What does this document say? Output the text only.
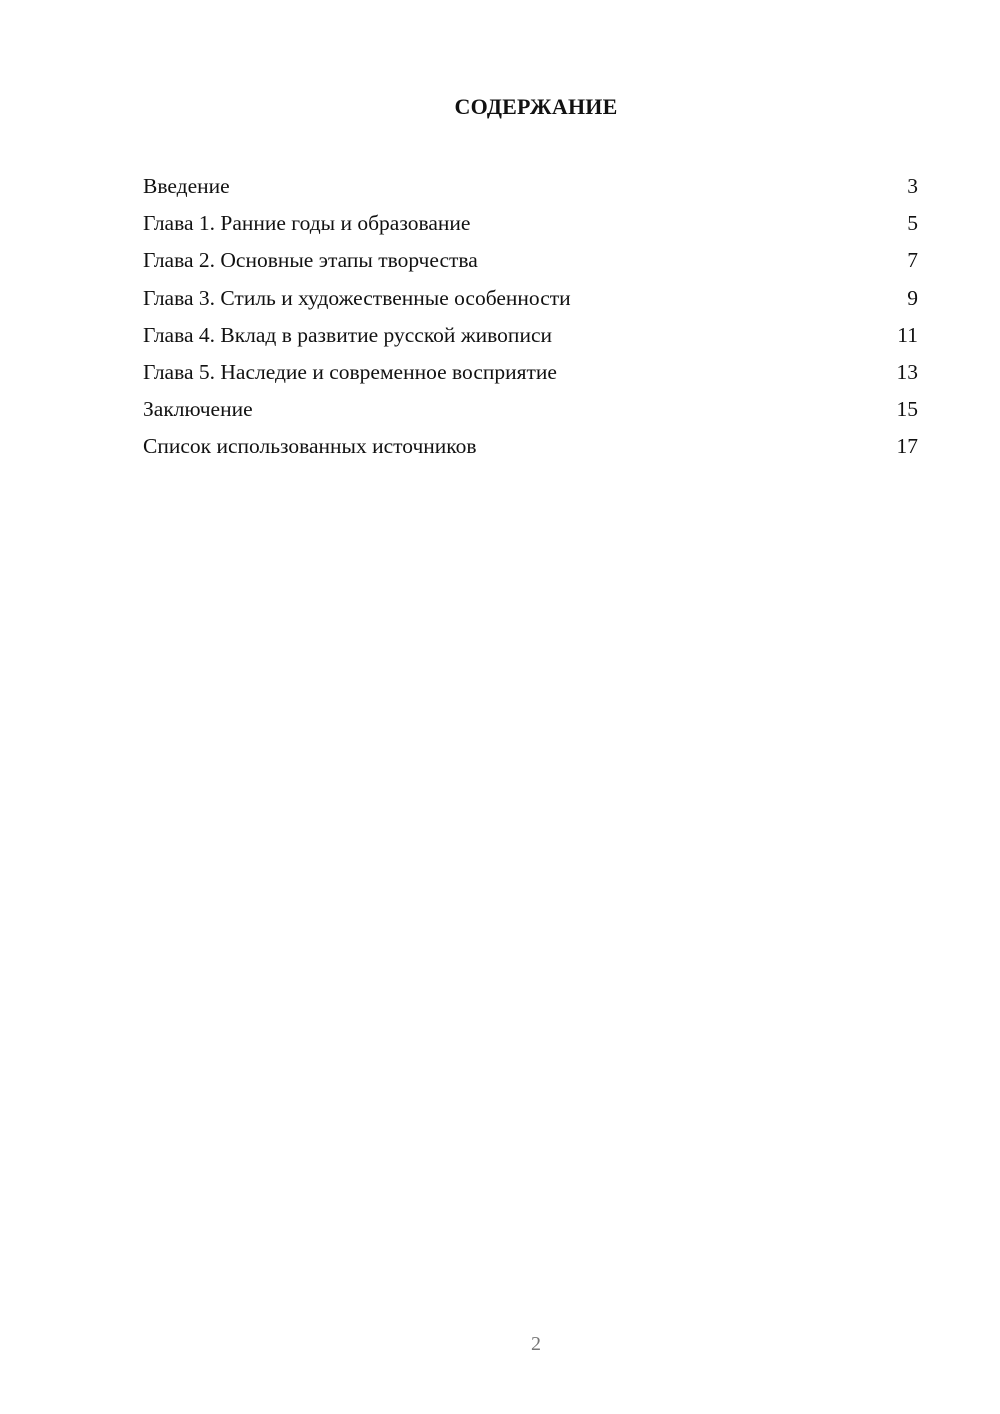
СОДЕРЖАНИЕ
Введение	3
Глава 1. Ранние годы и образование	5
Глава 2. Основные этапы творчества	7
Глава 3. Стиль и художественные особенности	9
Глава 4. Вклад в развитие русской живописи	11
Глава 5. Наследие и современное восприятие	13
Заключение	15
Список использованных источников	17
2
